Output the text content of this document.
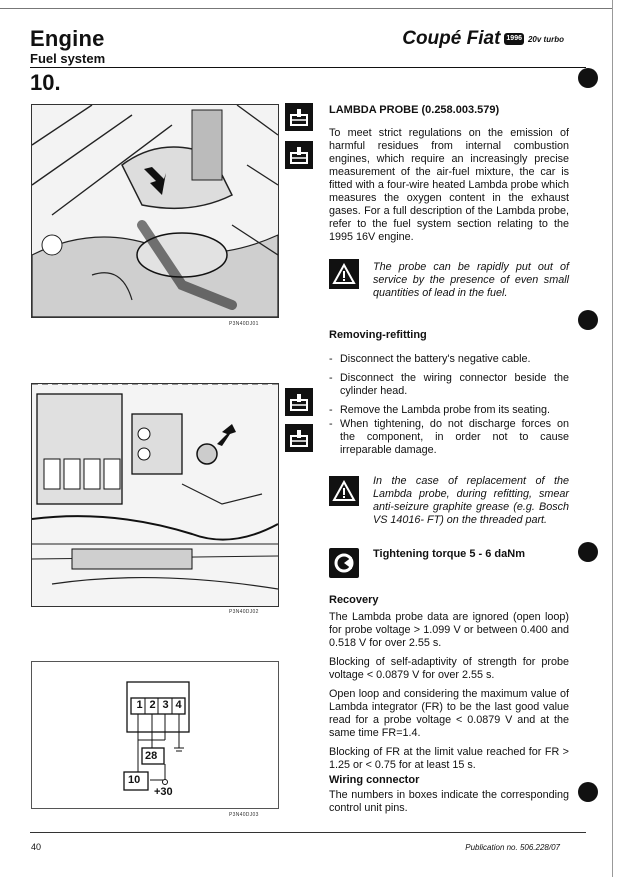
Engine
Fuel system
Coupé Fiat 1996 20v turbo
10.
P3N40DJ01
P3N40DJ02
1 2 3 4
28
10
+30
P3N40DJ03
LAMBDA PROBE (0.258.003.579)
To meet strict regulations on the emission of harmful residues from internal combustion engines, which require an increasingly precise measurement of the air-fuel mixture, the car is fitted with a four-wire heated Lambda probe which measures the oxygen content in the exhaust gases. For a full description of the Lambda probe, refer to the fuel system section relating to the 1995 16V engine.
The probe can be rapidly put out of service by the presence of even small quantities of lead in the fuel.
Removing-refitting
- Disconnect the battery's negative cable.
- Disconnect the wiring connector beside the cylinder head.
- Remove the Lambda probe from its seating.
- When tightening, do not discharge forces on the component, in order not to cause irreparable damage.
In the case of replacement of the Lambda probe, during refitting, smear anti-seizure graphite grease (e.g. Bosch VS 14016- FT) on the threaded part.
Tightening torque 5 - 6 daNm
Recovery
The Lambda probe data are ignored (open loop) for probe voltage > 1.099 V or between 0.400 and 0.518 V for over 2.55 s.
Blocking of self-adaptivity of strength for probe voltage < 0.0879 V for over 2.55 s.
Open loop and considering the maximum value of Lambda integrator (FR) to be the last good value read for a probe voltage < 0.0879 V and at the same time FR=1.4.
Blocking of FR at the limit value reached for FR > 1.25 or < 0.75 for at least 15 s.
Wiring connector
The numbers in boxes indicate the corresponding control unit pins.
40	Publication no. 506.228/07
